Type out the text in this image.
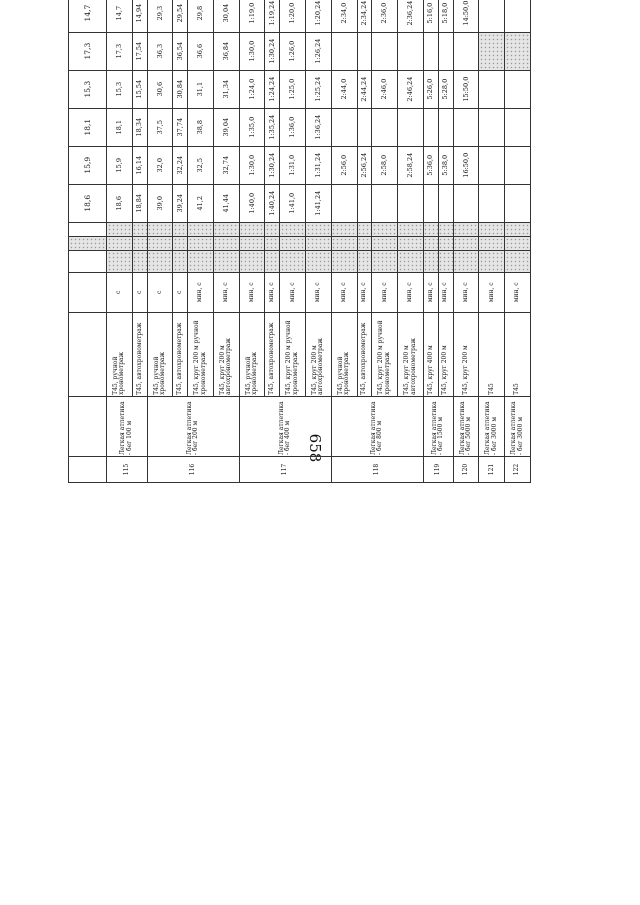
658
							18,6	15,9	18,1	15,3	17,3	14,7								
115	Легкая атлетика - бег 100 м	Т45, ручной хронометраж	с				18,6	15,9	18,1	15,3	17,3	14,7										
		Т45, автохронометраж	с				18,84	16,14	18,34	15,54	17,54	14,94										
116	Легкая атлетика - бег 200 м	Т45, ручной хронометраж	с				39,0	32,0	37,5	30,6	36,3	29,3										
		Т45, автохронометраж	с				39,24	32,24	37,74	30,84	36,54	29,54										
		Т45, круг 200 м ручной хронометраж	мин, с				41,2	32,5	38,8	31,1	36,6	29,8										
		Т45, круг 200 м автохронометраж	мин, с				41,44	32,74	39,04	31,34	36,84	30,04										
117	Легкая атлетика - бег 400 м	Т45, ручной хронометраж	мин, с				1:40,0	1:30,0	1:35,0	1:24,0	1:30,0	1:19,0										
		Т45, автохронометраж	мин, с				1:40,24	1:30,24	1:35,24	1:24,24	1:30,24	1:19,24										
		Т45, круг 200 м ручной хронометраж	мин, с				1:41,0	1:31,0	1:36,0	1:25,0	1:26,0	1:20,0										
		Т45, круг 200 м автохронометраж	мин, с				1:41,24	1:31,24	1:36,24	1:25,24	1:26,24	1:20,24										
118	Легкая атлетика - бег 800 м	Т45, ручной хронометраж	мин, с					2:56,0		2:44,0		2:34,0										
		Т45, автохронометраж	мин, с					2:56,24		2:44,24		2:34,24										
		Т45, круг 200 м ручной хронометраж	мин, с					2:58,0		2:46,0		2:36,0										
		Т45, круг 200 м автохронометраж	мин, с					2:58,24		2:46,24		2:36,24										
119	Легкая атлетика - бег 1500 м	Т45, круг 400 м	мин, с					5:36,0		5:26,0		5:16,0										
		Т45, круг 200 м	мин, с					5:38,0		5:28,0		5:18,0										
120	Легкая атлетика - бег 5000 м	Т45, круг 200 м	мин, с					16:50,0		15:50,0		14:50,0										
121	Легкая атлетика - бег 3000 м	Т45	мин, с																			
122	Легкая атлетика - бег 3000 м	Т45	мин, с																			
